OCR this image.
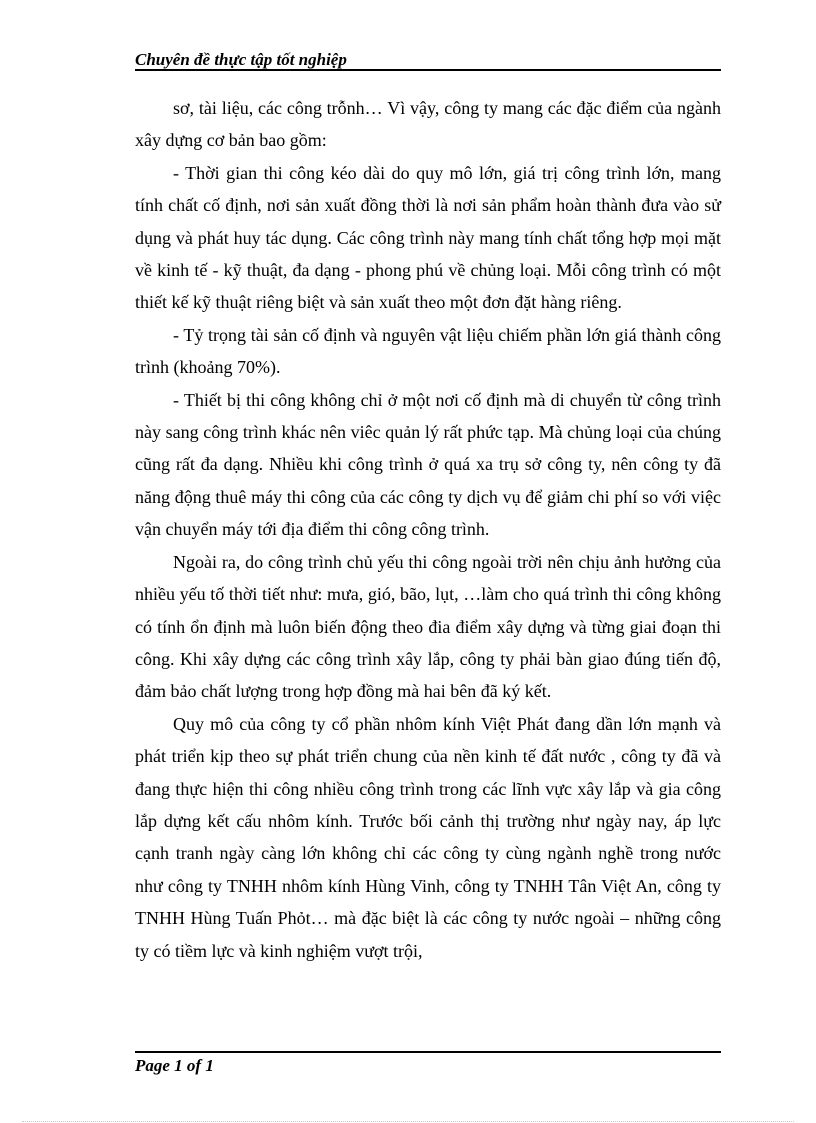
Chuyên đề thực tập tốt nghiệp

sơ, tài liệu, các công trỗnh… Vì vậy, công ty mang các đặc điểm của ngành xây dựng cơ bản bao gồm:

- Thời gian thi công kéo dài do quy mô lớn, giá trị công trình lớn, mang tính chất cố định, nơi sản xuất đồng thời là nơi sản phẩm hoàn thành đưa vào sử dụng và phát huy tác dụng. Các công trình này mang tính chất tổng hợp mọi mặt về kinh tế - kỹ thuật, đa dạng - phong phú về chủng loại. Mỗi công trình có một thiết kế kỹ thuật riêng biệt và sản xuất theo một đơn đặt hàng riêng.

- Tỷ trọng tài sản cố định và nguyên vật liệu chiếm phần lớn giá thành công trình (khoảng 70%).

- Thiết bị thi công không chỉ ở một nơi cố định mà di chuyển từ công trình này sang công trình khác nên viêc quản lý rất phức tạp. Mà chủng loại của chúng cũng rất đa dạng. Nhiều khi công trình ở quá xa trụ sở công ty, nên công ty đã năng động thuê máy thi công của các công ty dịch vụ để giảm chi phí so với việc vận chuyển máy tới địa điểm thi công công trình.

Ngoài ra, do công trình chủ yếu thi công ngoài trời nên chịu ảnh hưởng của nhiều yếu tố thời tiết như: mưa, gió, bão, lụt, …làm cho quá trình thi công không có tính ổn định mà luôn biến động theo đia điểm xây dựng và từng giai đoạn thi công. Khi xây dựng các công trình xây lắp, công ty phải bàn giao đúng tiến độ, đảm bảo chất lượng trong hợp đồng mà hai bên đã ký kết.

Quy mô của công ty cổ phần nhôm kính Việt Phát đang dần lớn mạnh và phát triển kịp theo sự phát triển chung của nền kinh tế đất nước , công ty đã và đang thực hiện thi công nhiều công trình trong các lĩnh vực xây lắp và gia công lắp dựng kết cấu nhôm kính. Trước bối cảnh thị trường như ngày nay, áp lực cạnh tranh ngày càng lớn không chỉ các công ty cùng ngành nghề trong nước như công ty TNHH nhôm kính Hùng Vinh, công ty TNHH Tân Việt An, công ty TNHH Hùng Tuấn Phỏt… mà đặc biệt là các công ty nước ngoài – những công ty có tiềm lực và kinh nghiệm vượt trội,

Page 1 of 1
